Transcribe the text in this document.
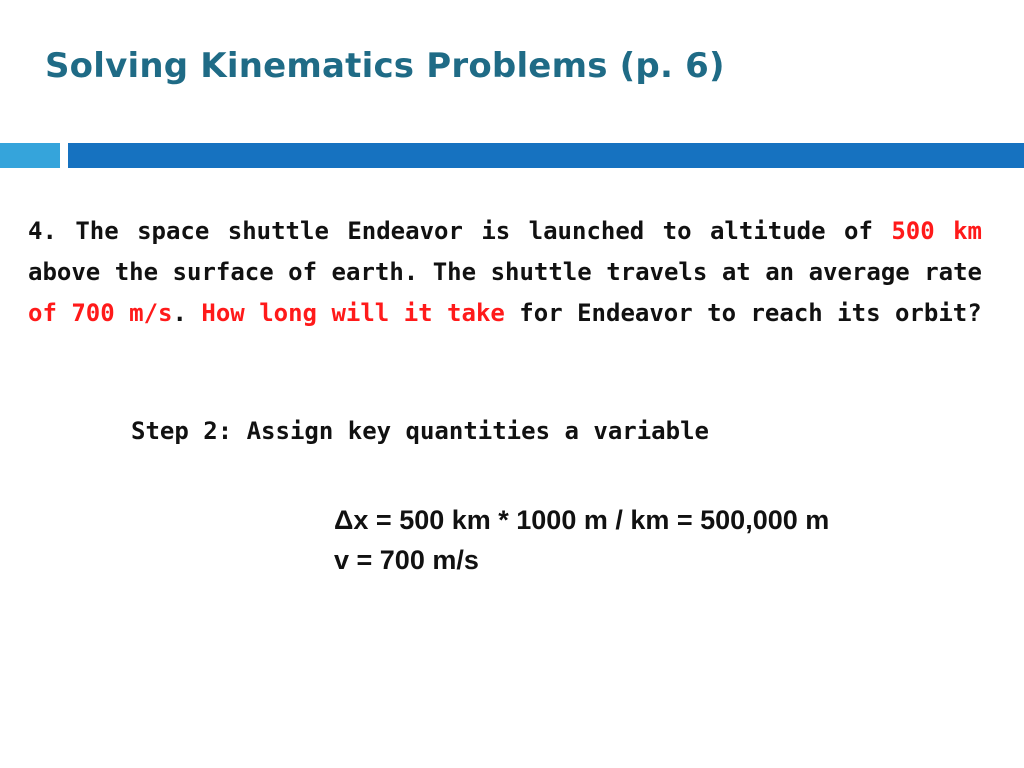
Solving Kinematics Problems (p. 6)

4. The space shuttle Endeavor is launched to altitude of 500 km above the surface of earth. The shuttle travels at an average rate of 700 m/s. How long will it take for Endeavor to reach its orbit?

Step 2: Assign key quantities a variable

Δx = 500 km * 1000 m / km = 500,000 m
v = 700 m/s
